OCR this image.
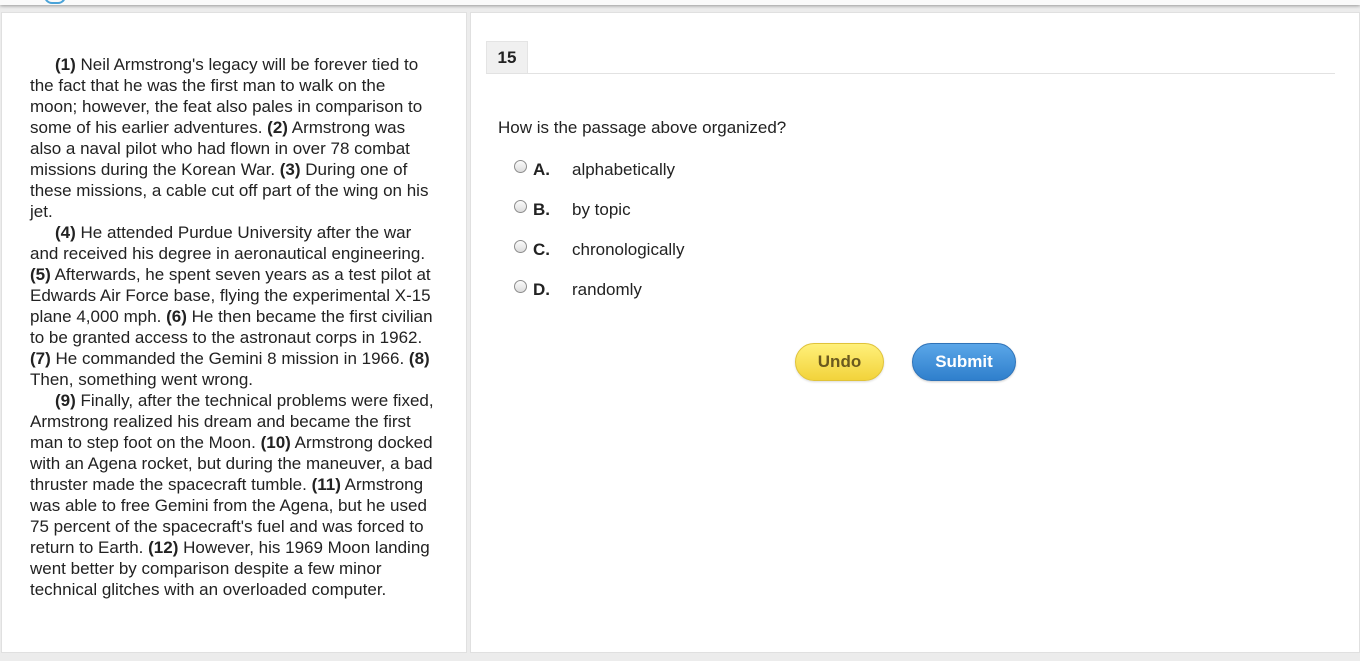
(1) Neil Armstrong's legacy will be forever tied to the fact that he was the first man to walk on the moon; however, the feat also pales in comparison to some of his earlier adventures. (2) Armstrong was also a naval pilot who had flown in over 78 combat missions during the Korean War. (3) During one of these missions, a cable cut off part of the wing on his jet.

(4) He attended Purdue University after the war and received his degree in aeronautical engineering. (5) Afterwards, he spent seven years as a test pilot at Edwards Air Force base, flying the experimental X-15 plane 4,000 mph. (6) He then became the first civilian to be granted access to the astronaut corps in 1962. (7) He commanded the Gemini 8 mission in 1966. (8) Then, something went wrong.

(9) Finally, after the technical problems were fixed, Armstrong realized his dream and became the first man to step foot on the Moon. (10) Armstrong docked with an Agena rocket, but during the maneuver, a bad thruster made the spacecraft tumble. (11) Armstrong was able to free Gemini from the Agena, but he used 75 percent of the spacecraft's fuel and was forced to return to Earth. (12) However, his 1969 Moon landing went better by comparison despite a few minor technical glitches with an overloaded computer.

15
How is the passage above organized?
A. alphabetically
B. by topic
C. chronologically
D. randomly
Undo	Submit
